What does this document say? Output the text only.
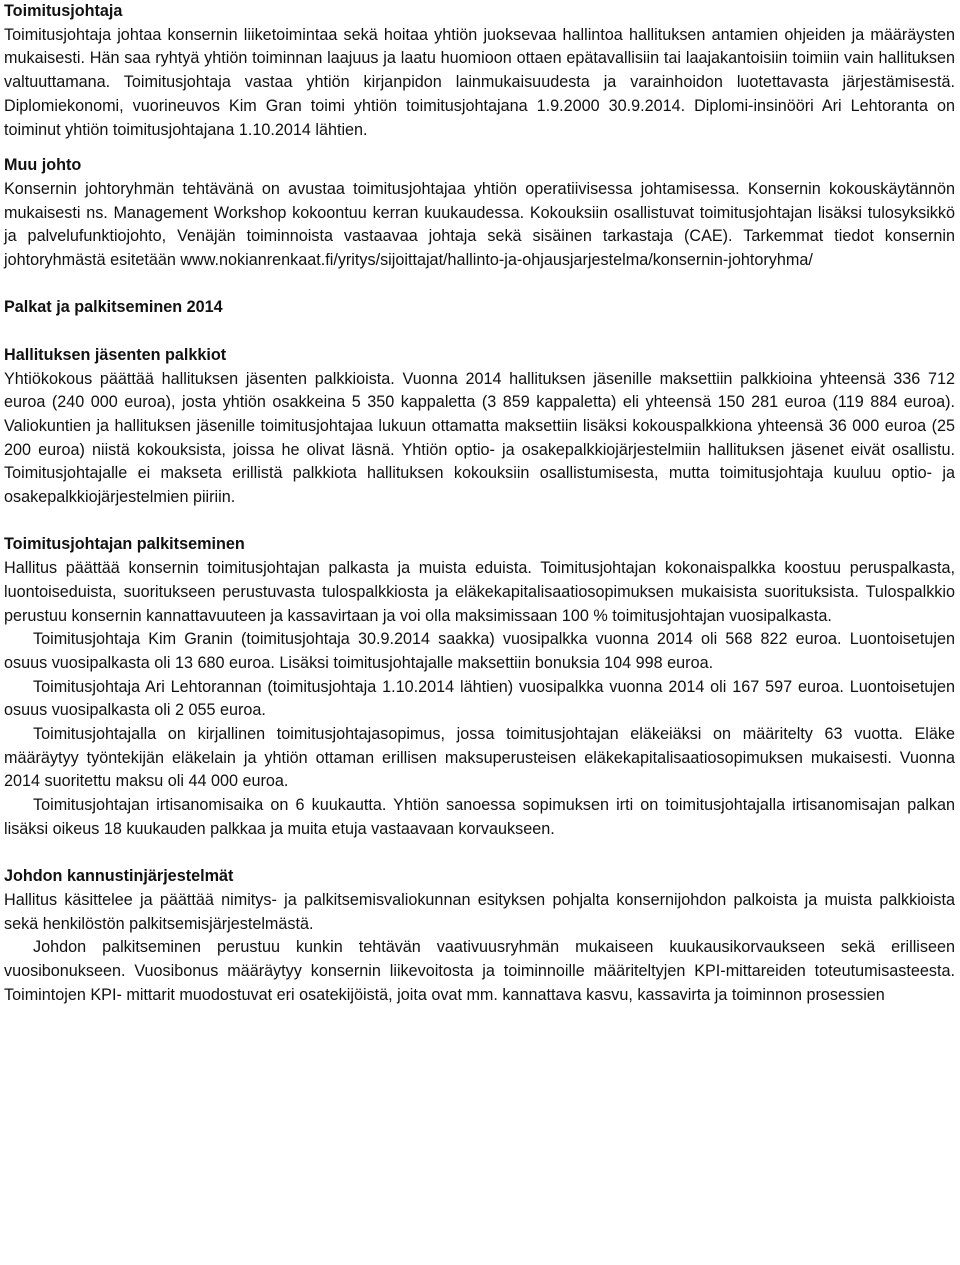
Toimitusjohtaja
Toimitusjohtaja johtaa konsernin liiketoimintaa sekä hoitaa yhtiön juoksevaa hallintoa hallituksen antamien ohjeiden ja määräysten mukaisesti. Hän saa ryhtyä yhtiön toiminnan laajuus ja laatu huomioon ottaen epätavallisiin tai laajakantoisiin toimiin vain hallituksen valtuuttamana. Toimitusjohtaja vastaa yhtiön kirjanpidon lainmukaisuudesta ja varainhoidon luotettavasta järjestämisestä. Diplomiekonomi, vuorineuvos Kim Gran toimi yhtiön toimitusjohtajana 1.9.2000 30.9.2014. Diplomi-insinööri Ari Lehtoranta on toiminut yhtiön toimitusjohtajana 1.10.2014 lähtien.
Muu johto
Konsernin johtoryhmän tehtävänä on avustaa toimitusjohtajaa yhtiön operatiivisessa johtamisessa. Konsernin kokouskäytännön mukaisesti ns. Management Workshop kokoontuu kerran kuukaudessa. Kokouksiin osallistuvat toimitusjohtajan lisäksi tulosyksikkö ja palvelufunktiojohto, Venäjän toiminnoista vastaavaa johtaja sekä sisäinen tarkastaja (CAE). Tarkemmat tiedot konsernin johtoryhmästä esitetään www.nokianrenkaat.fi/yritys/sijoittajat/hallinto-ja-ohjausjarjestelma/konsernin-johtoryhma/
Palkat ja palkitseminen 2014
Hallituksen jäsenten palkkiot
Yhtiökokous päättää hallituksen jäsenten palkkioista. Vuonna 2014 hallituksen jäsenille maksettiin palkkioina yhteensä 336 712 euroa (240 000 euroa), josta yhtiön osakkeina 5 350 kappaletta (3 859 kappaletta) eli yhteensä 150 281 euroa (119 884 euroa). Valiokuntien ja hallituksen jäsenille toimitusjohtajaa lukuun ottamatta maksettiin lisäksi kokouspalkkiona yhteensä 36 000 euroa (25 200 euroa) niistä kokouksista, joissa he olivat läsnä. Yhtiön optio- ja osakepalkkiojärjestelmiin hallituksen jäsenet eivät osallistu. Toimitusjohtajalle ei makseta erillistä palkkiota hallituksen kokouksiin osallistumisesta, mutta toimitusjohtaja kuuluu optio- ja osakepalkkiojärjestelmien piiriin.
Toimitusjohtajan palkitseminen
Hallitus päättää konsernin toimitusjohtajan palkasta ja muista eduista. Toimitusjohtajan kokonaispalkka koostuu peruspalkasta, luontoiseduista, suoritukseen perustuvasta tulospalkkiosta ja eläkekapitalisaatiosopimuksen mukaisista suorituksista. Tulospalkkio perustuu konsernin kannattavuuteen ja kassavirtaan ja voi olla maksimissaan 100 % toimitusjohtajan vuosipalkasta.
Toimitusjohtaja Kim Granin (toimitusjohtaja 30.9.2014 saakka) vuosipalkka vuonna 2014 oli 568 822 euroa. Luontoisetujen osuus vuosipalkasta oli 13 680 euroa. Lisäksi toimitusjohtajalle maksettiin bonuksia 104 998 euroa.
Toimitusjohtaja Ari Lehtorannan (toimitusjohtaja 1.10.2014 lähtien) vuosipalkka vuonna 2014 oli 167 597 euroa. Luontoisetujen osuus vuosipalkasta oli 2 055 euroa.
Toimitusjohtajalla on kirjallinen toimitusjohtajasopimus, jossa toimitusjohtajan eläkeiäksi on määritelty 63 vuotta. Eläke määräytyy työntekijän eläkelain ja yhtiön ottaman erillisen maksuperusteisen eläkekapitalisaatiosopimuksen mukaisesti. Vuonna 2014 suoritettu maksu oli 44 000 euroa.
Toimitusjohtajan irtisanomisaika on 6 kuukautta. Yhtiön sanoessa sopimuksen irti on toimitusjohtajalla irtisanomisajan palkan lisäksi oikeus 18 kuukauden palkkaa ja muita etuja vastaavaan korvaukseen.
Johdon kannustinjärjestelmät
Hallitus käsittelee ja päättää nimitys- ja palkitsemisvaliokunnan esityksen pohjalta konsernijohdon palkoista ja muista palkkioista sekä henkilöstön palkitsemisjärjestelmästä.
Johdon palkitseminen perustuu kunkin tehtävän vaativuusryhmän mukaiseen kuukausikorvaukseen sekä erilliseen vuosibonukseen. Vuosibonus määräytyy konsernin liikevoitosta ja toiminnoille määriteltyjen KPI-mittareiden toteutumisasteesta. Toimintojen KPI- mittarit muodostuvat eri osatekijöistä, joita ovat mm. kannattava kasvu, kassavirta ja toiminnon prosessien
